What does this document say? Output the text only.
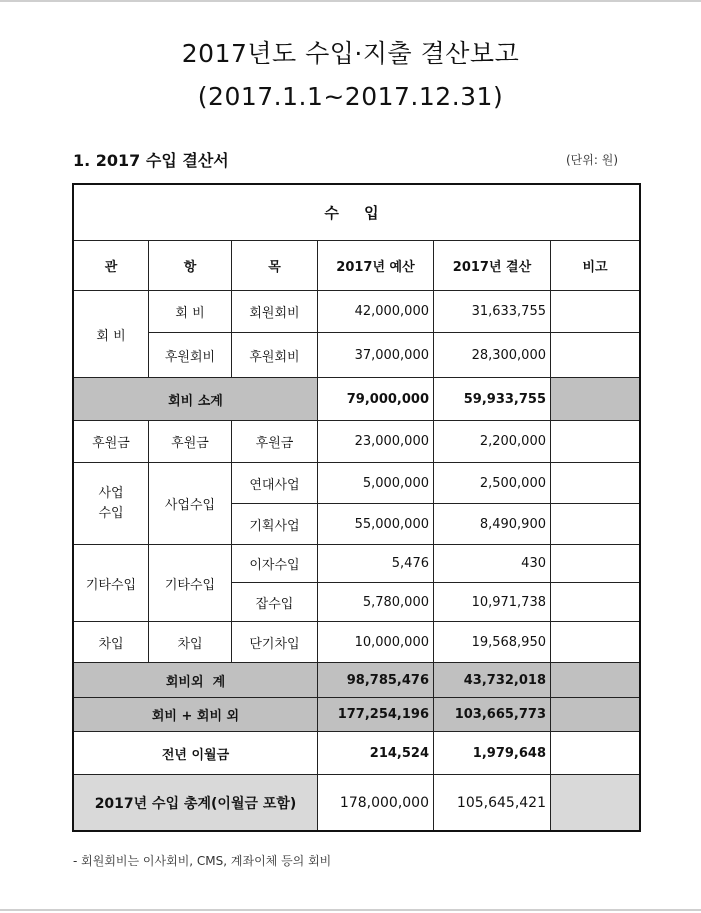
2017년도 수입·지출 결산보고
(2017.1.1~2017.12.31)
1. 2017 수입 결산서	(단위: 원)
수 입					
관	항	목	2017년 예산	2017년 결산	비고
회 비	회 비	회원회비	42,000,000	31,633,755	
	후원회비	후원회비	37,000,000	28,300,000	
회비 소계			79,000,000	59,933,755	
후원금	후원금	후원금	23,000,000	2,200,000	
사업
수입	사업수입	연대사업	5,000,000	2,500,000	
		기획사업	55,000,000	8,490,900	
기타수입	기타수입	이자수입	5,476	430	
		잡수입	5,780,000	10,971,738	
차입	차입	단기차입	10,000,000	19,568,950	
회비외  계			98,785,476	43,732,018	
회비 + 회비 외			177,254,196	103,665,773	
전년 이월금			214,524	1,979,648	
2017년 수입 총계(이월금 포함)			178,000,000	105,645,421	
- 회원회비는 이사회비, CMS, 계좌이체 등의 회비
